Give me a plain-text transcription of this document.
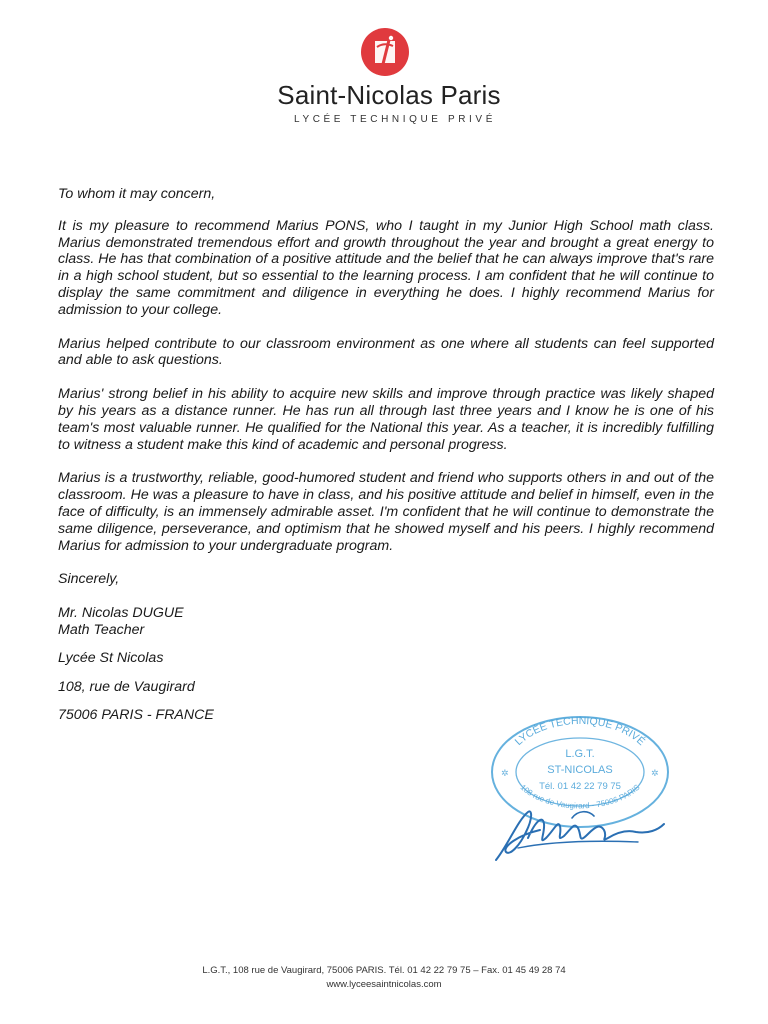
Saint-Nicolas Paris
LYCÉE TECHNIQUE PRIVÉ

To whom it may concern,

It is my pleasure to recommend Marius PONS, who I taught in my Junior High School math class. Marius demonstrated tremendous effort and growth throughout the year and brought a great energy to class. He has that combination of a positive attitude and the belief that he can always improve that's rare in a high school student, but so essential to the learning process. I am confident that he will continue to display the same commitment and diligence in everything he does. I highly recommend Marius for admission to your college.

Marius helped contribute to our classroom environment as one where all students can feel supported and able to ask questions.

Marius' strong belief in his ability to acquire new skills and improve through practice was likely shaped by his years as a distance runner. He has run all through last three years and I know he is one of his team's most valuable runner. He qualified for the National this year. As a teacher, it is incredibly fulfilling to witness a student make this kind of academic and personal progress.

Marius is a trustworthy, reliable, good-humored student and friend who supports others in and out of the classroom. He was a pleasure to have in class, and his positive attitude and belief in himself, even in the face of difficulty, is an immensely admirable asset. I'm confident that he will continue to demonstrate the same diligence, perseverance, and optimism that he showed myself and his peers. I highly recommend Marius for admission to your undergraduate program.

Sincerely,

Mr. Nicolas DUGUE

Math Teacher

Lycée St Nicolas

108, rue de Vaugirard

75006 PARIS - FRANCE

LYCÉE TECHNIQUE PRIVÉ
L.G.T.
ST-NICOLAS
Tél. 01 42 22 79 75
108 rue de Vaugirard - 75006 PARIS
✲	✲
L.G.T., 108 rue de Vaugirard, 75006 PARIS. Tél. 01 42 22 79 75 – Fax. 01 45 49 28 74
www.lyceesaintnicolas.com
